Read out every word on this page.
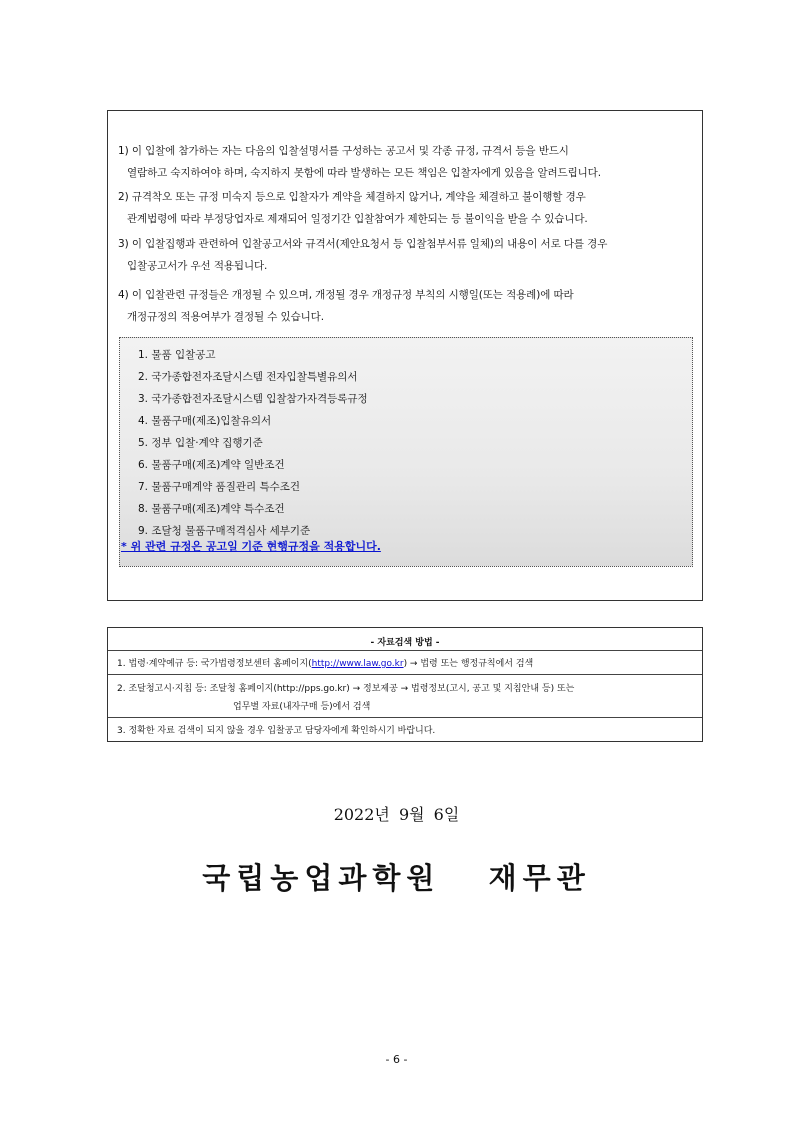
1) 이 입찰에 참가하는 자는 다음의 입찰설명서를 구성하는 공고서 및 각종 규정, 규격서 등을 반드시
열람하고 숙지하여야 하며, 숙지하지 못함에 따라 발생하는 모든 책임은 입찰자에게 있음을 알려드립니다.
2) 규격착오 또는 규정 미숙지 등으로 입찰자가 계약을 체결하지 않거나, 계약을 체결하고 불이행할 경우
관계법령에 따라 부정당업자로 제재되어 일정기간 입찰참여가 제한되는 등 불이익을 받을 수 있습니다.
3) 이 입찰집행과 관련하여 입찰공고서와 규격서(제안요청서 등 입찰첨부서류 일체)의 내용이 서로 다를 경우
입찰공고서가 우선 적용됩니다.
4) 이 입찰관련 규정들은 개정될 수 있으며, 개정될 경우 개정규정 부칙의 시행일(또는 적용례)에 따라
개정규정의 적용여부가 결정될 수 있습니다.
1. 물품 입찰공고
2. 국가종합전자조달시스템 전자입찰특별유의서
3. 국가종합전자조달시스템 입찰참가자격등록규정
4. 물품구매(제조)입찰유의서
5. 정부 입찰·계약 집행기준
6. 물품구매(제조)계약 일반조건
7. 물품구매계약 품질관리 특수조건
8. 물품구매(제조)계약 특수조건
9. 조달청 물품구매적격심사 세부기준
* 위 관련 규정은 공고일 기준 현행규정을 적용합니다.
- 자료검색 방법 -
1. 법령·계약예규 등: 국가법령정보센터 홈페이지(http://www.law.go.kr) → 법령 또는 행정규칙에서 검색
2. 조달청고시·지침 등: 조달청 홈페이지(http://pps.go.kr) → 정보제공 → 법령정보(고시, 공고 및 지침안내 등) 또는
업무별 자료(내자구매 등)에서 검색
3. 정확한 자료 검색이 되지 않을 경우 입찰공고 담당자에게 확인하시기 바랍니다.
2022년 9월 6일
국립농업과학원   재무관
- 6 -
